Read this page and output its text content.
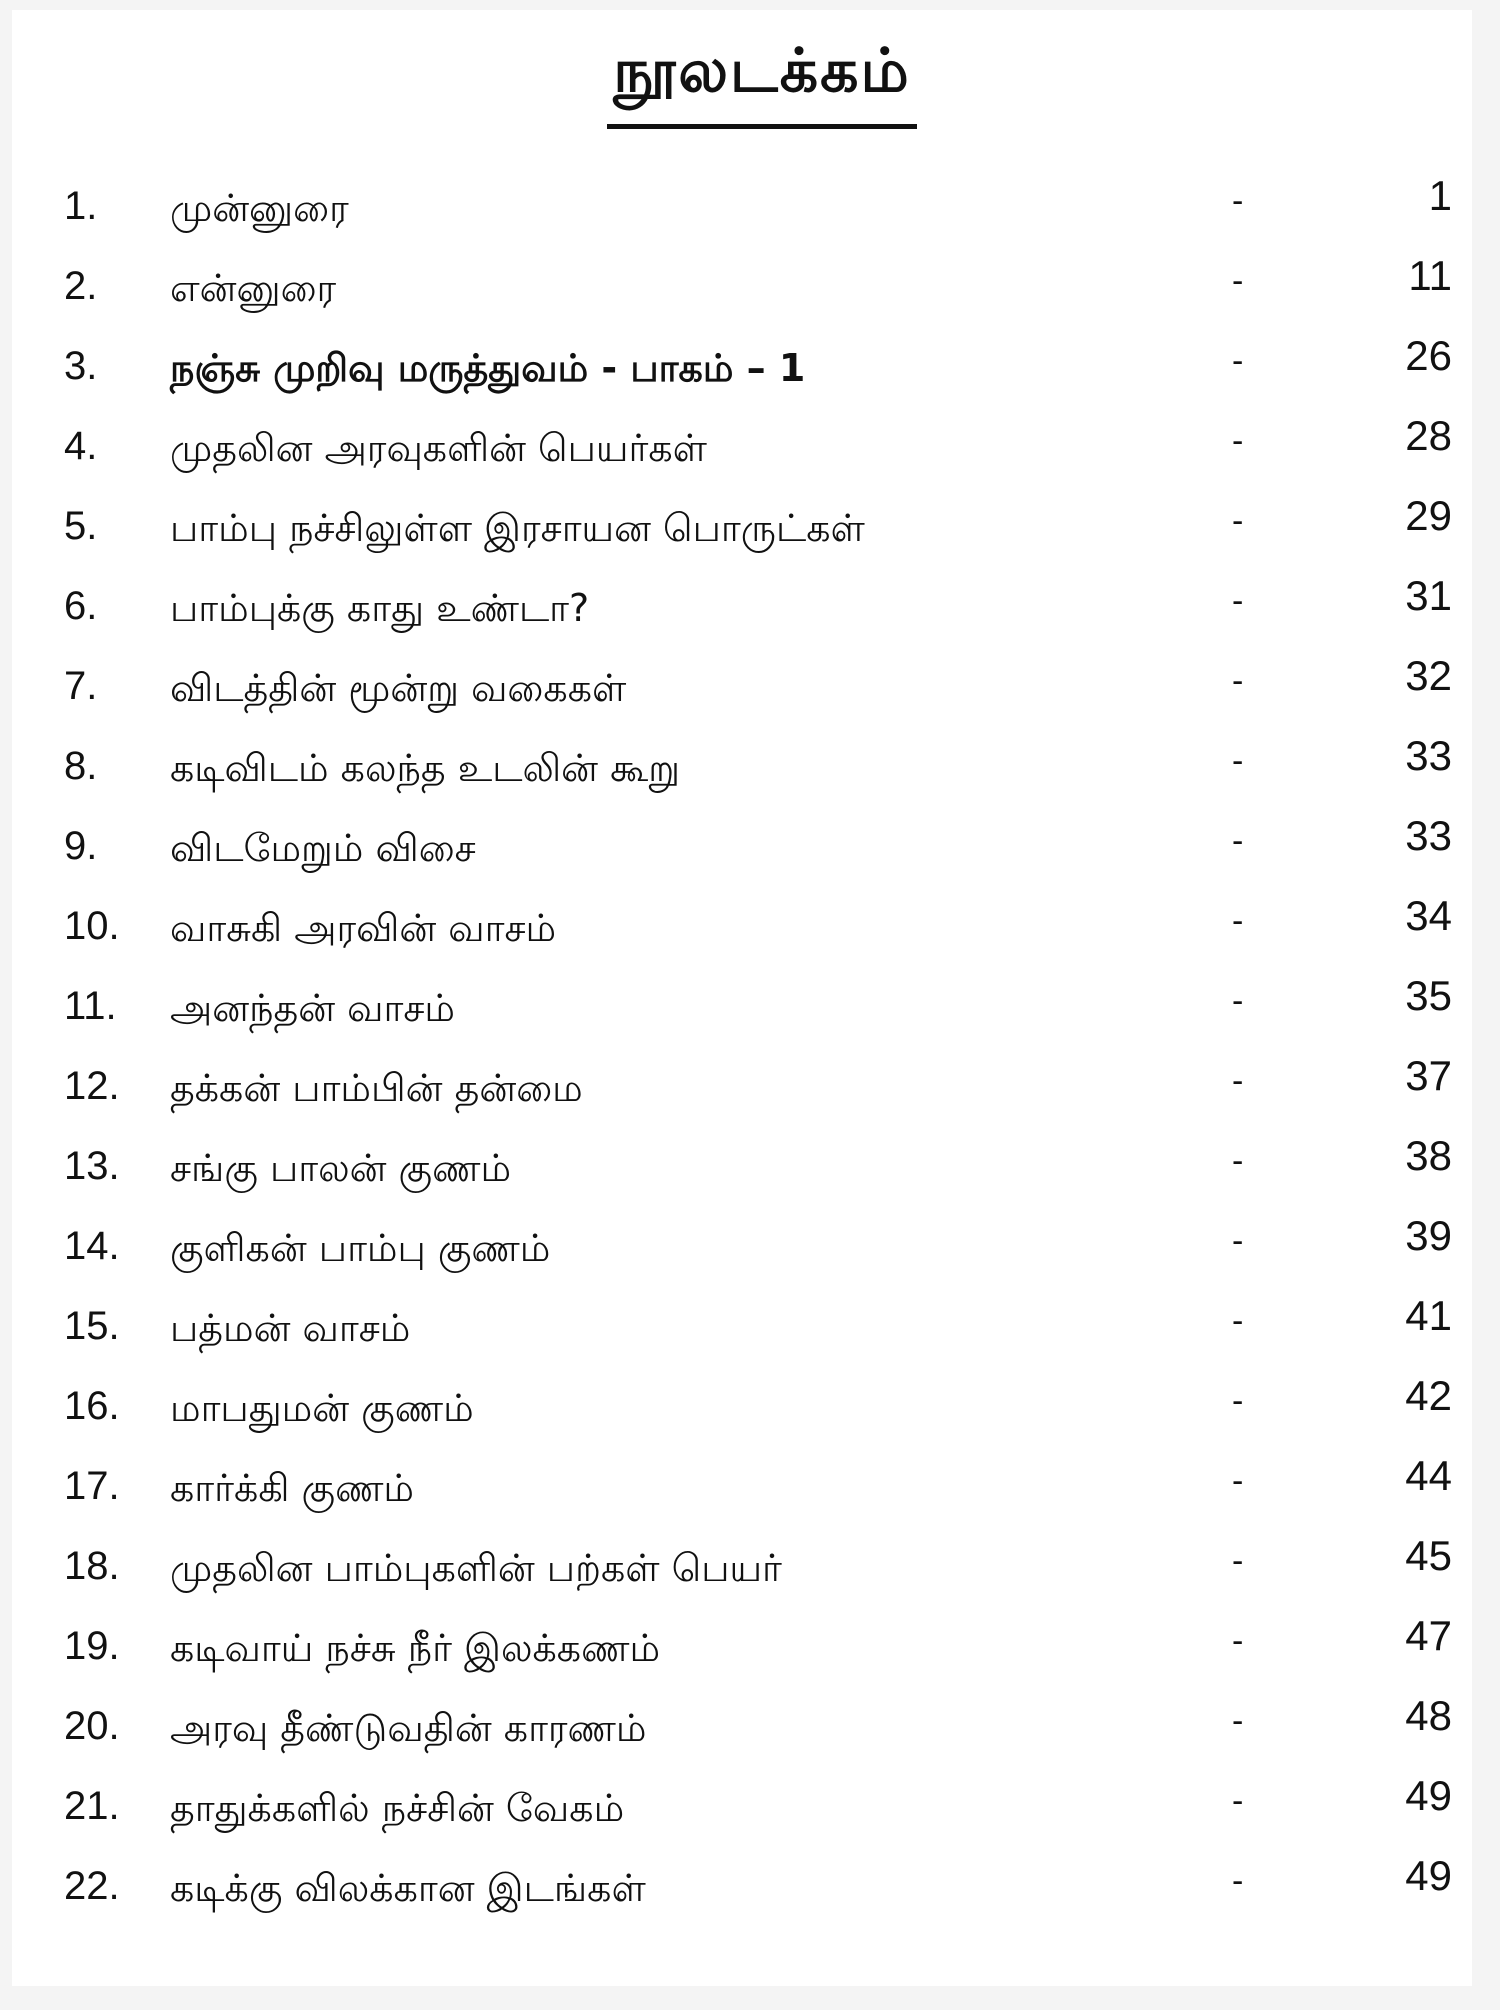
நூலடக்கம்
1. முன்னுரை	-	1
2. என்னுரை	-	11
3. நஞ்சு முறிவு மருத்துவம் - பாகம் – 1	-	26
4. முதலின அரவுகளின் பெயர்கள்	-	28
5. பாம்பு நச்சிலுள்ள இரசாயன பொருட்கள்	-	29
6. பாம்புக்கு காது உண்டா?	-	31
7. விடத்தின் மூன்று வகைகள்	-	32
8. கடிவிடம் கலந்த உடலின் கூறு	-	33
9. விடமேறும் விசை	-	33
10. வாசுகி அரவின் வாசம்	-	34
11. அனந்தன் வாசம்	-	35
12. தக்கன் பாம்பின் தன்மை	-	37
13. சங்கு பாலன் குணம்	-	38
14. குளிகன் பாம்பு குணம்	-	39
15. பத்மன் வாசம்	-	41
16. மாபதுமன் குணம்	-	42
17. கார்க்கி குணம்	-	44
18. முதலின பாம்புகளின் பற்கள் பெயர்	-	45
19. கடிவாய் நச்சு நீர் இலக்கணம்	-	47
20. அரவு தீண்டுவதின் காரணம்	-	48
21. தாதுக்களில் நச்சின் வேகம்	-	49
22. கடிக்கு விலக்கான இடங்கள்	-	49
